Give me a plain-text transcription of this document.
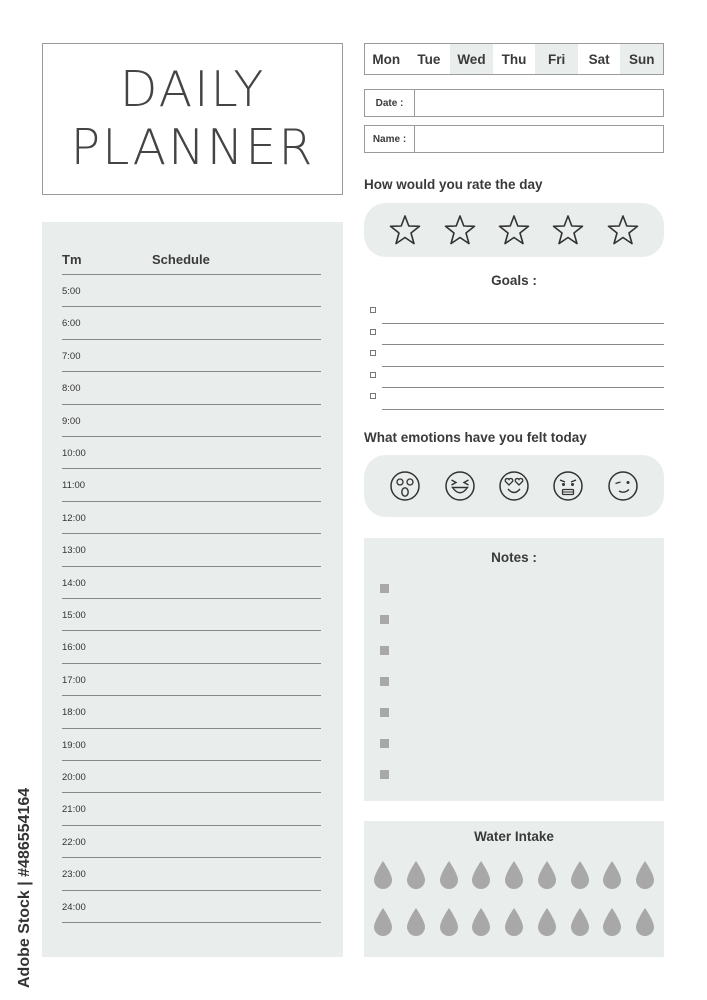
DAILY
PLANNER
Mon	Tue	Wed	Thu	Fri	Sat	Sun
Date :
Name :
How would you rate the day
Goals :
What emotions have you felt today
Tm	Schedule
5:00
6:00
7:00
8:00
9:00
10:00
11:00
12:00
13:00
14:00
15:00
16:00
17:00
18:00
19:00
20:00
21:00
22:00
23:00
24:00
Notes :
Water Intake
Adobe Stock | #486554164
